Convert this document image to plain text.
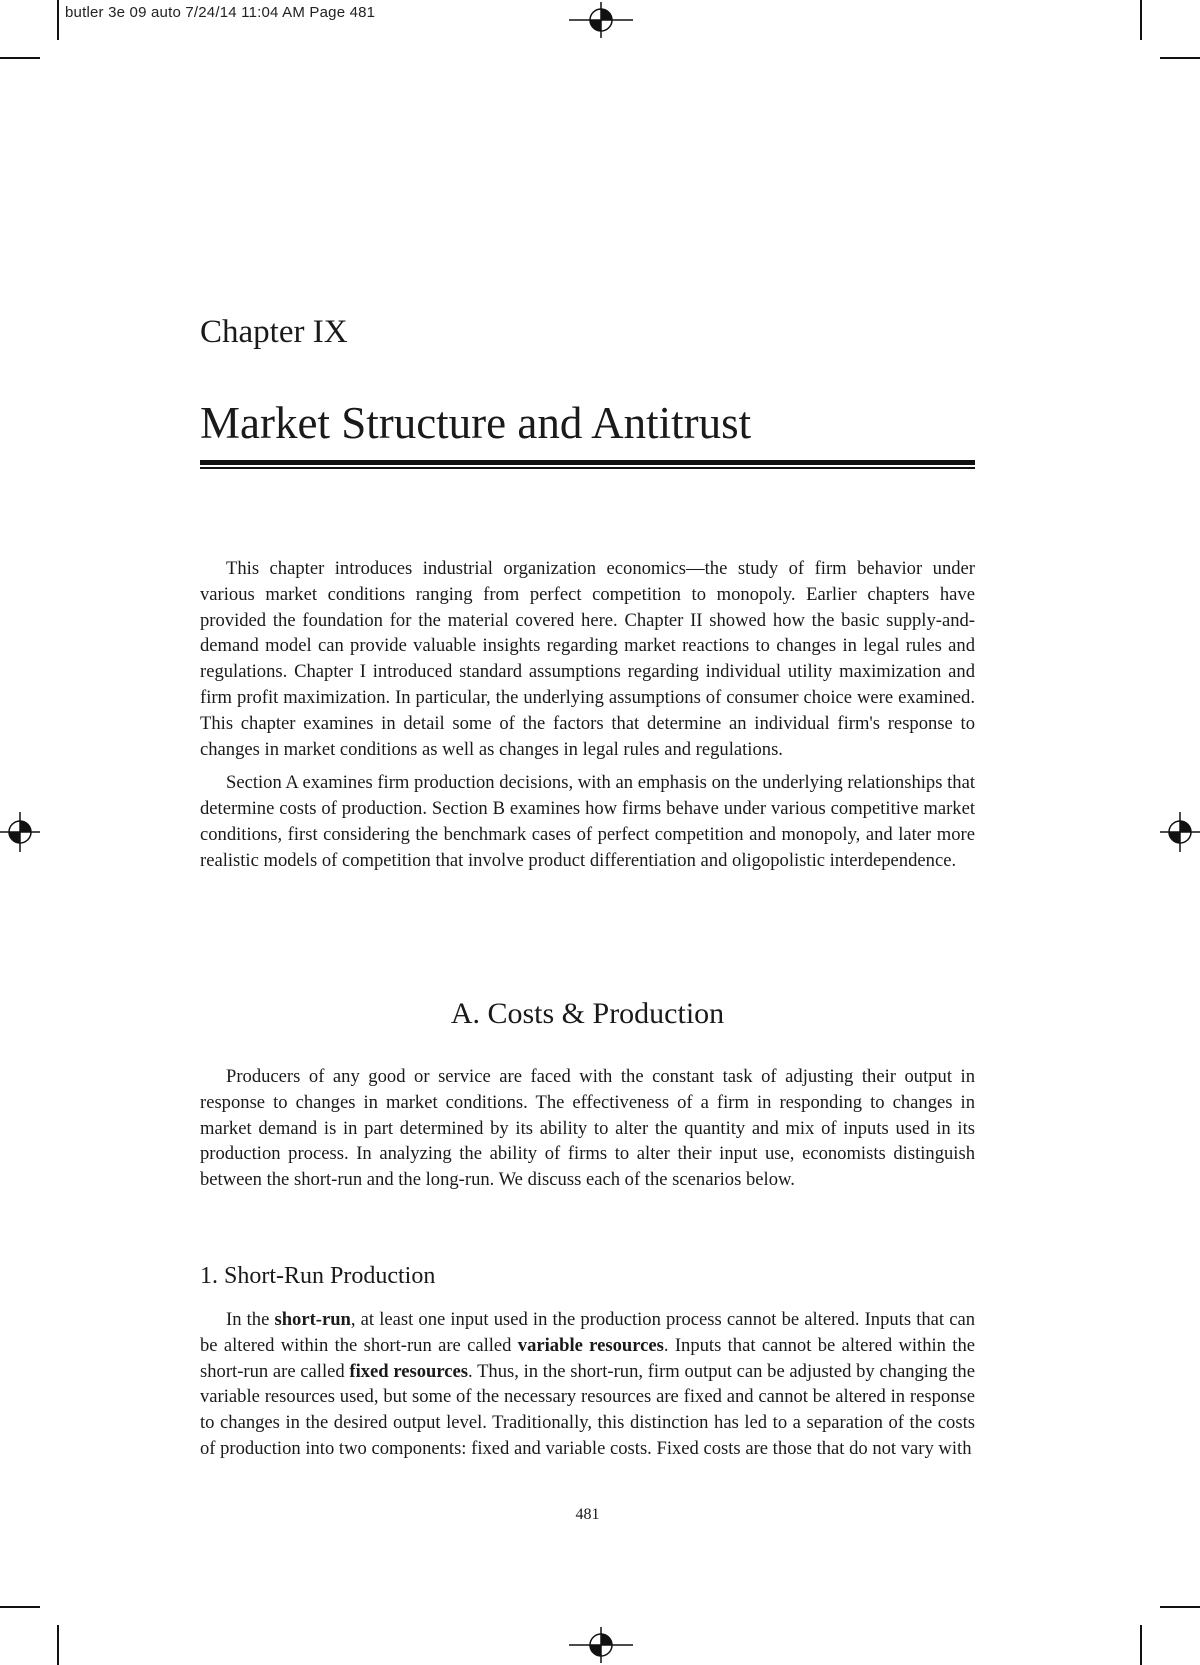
butler 3e 09 auto 7/24/14 11:04 AM Page 481
Chapter IX
Market Structure and Antitrust

This chapter introduces industrial organization economics—the study of firm behavior under various market conditions ranging from perfect competition to monopoly. Earlier chapters have provided the foundation for the material covered here. Chapter II showed how the basic supply-and-demand model can provide valuable insights regarding market reactions to changes in legal rules and regulations. Chapter I introduced standard assumptions regarding individual utility maximization and firm profit maximization. In particular, the underlying assumptions of consumer choice were examined. This chapter examines in detail some of the factors that determine an individual firm's response to changes in market conditions as well as changes in legal rules and regulations.

Section A examines firm production decisions, with an emphasis on the underlying relationships that determine costs of production. Section B examines how firms behave under various competitive market conditions, first considering the benchmark cases of perfect competition and monopoly, and later more realistic models of competition that involve product differentiation and oligopolistic interdependence.

A. Costs & Production

Producers of any good or service are faced with the constant task of adjusting their output in response to changes in market conditions. The effectiveness of a firm in responding to changes in market demand is in part determined by its ability to alter the quantity and mix of inputs used in its production process. In analyzing the ability of firms to alter their input use, economists distinguish between the short-run and the long-run. We discuss each of the scenarios below.

1. Short-Run Production

In the short-run, at least one input used in the production process cannot be altered. Inputs that can be altered within the short-run are called variable resources. Inputs that cannot be altered within the short-run are called fixed resources. Thus, in the short-run, firm output can be adjusted by changing the variable resources used, but some of the necessary resources are fixed and cannot be altered in response to changes in the desired output level. Traditionally, this distinction has led to a separation of the costs of production into two components: fixed and variable costs. Fixed costs are those that do not vary with

481
